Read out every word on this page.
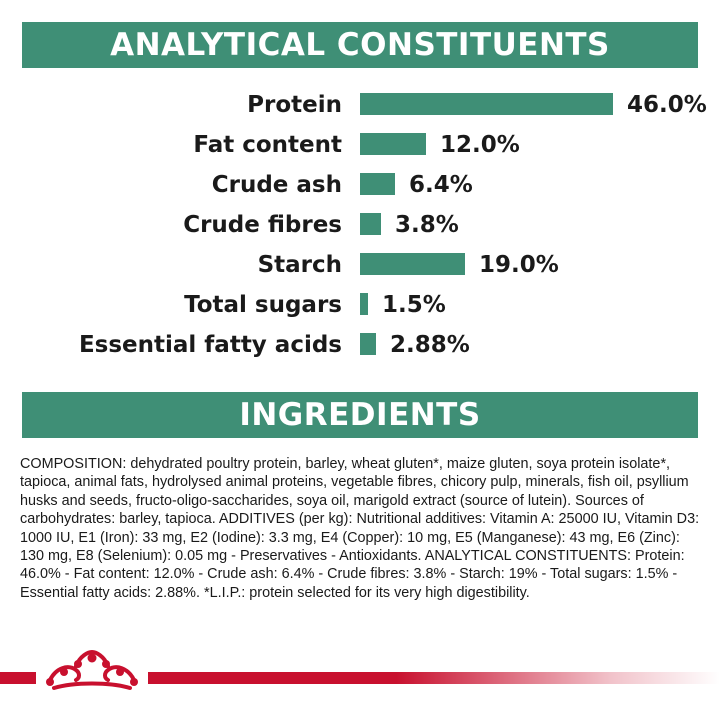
ANALYTICAL CONSTITUENTS
Protein	46.0%
Fat content	12.0%
Crude ash	6.4%
Crude fibres 3.8%
Starch	19.0%
Total sugars 1.5%
Essential fatty acids 2.88%
INGREDIENTS
COMPOSITION: dehydrated poultry protein, barley, wheat gluten*, maize gluten, soya protein isolate*, tapioca, animal fats, hydrolysed animal proteins, vegetable fibres, chicory pulp, minerals, fish oil, psyllium husks and seeds, fructo-oligo-saccharides, soya oil, marigold extract (source of lutein). Sources of carbohydrates: barley, tapioca. ADDITIVES (per kg): Nutritional additives: Vitamin A: 25000 IU, Vitamin D3: 1000 IU, E1 (Iron): 33 mg, E2 (Iodine): 3.3 mg, E4 (Copper): 10 mg, E5 (Manganese): 43 mg, E6 (Zinc): 130 mg, E8 (Selenium): 0.05 mg - Preservatives - Antioxidants. ANALYTICAL CONSTITUENTS: Protein: 46.0% - Fat content: 12.0% - Crude ash: 6.4% - Crude fibres: 3.8% - Starch: 19% - Total sugars: 1.5% - Essential fatty acids: 2.88%. *L.I.P.: protein selected for its very high digestibility.
